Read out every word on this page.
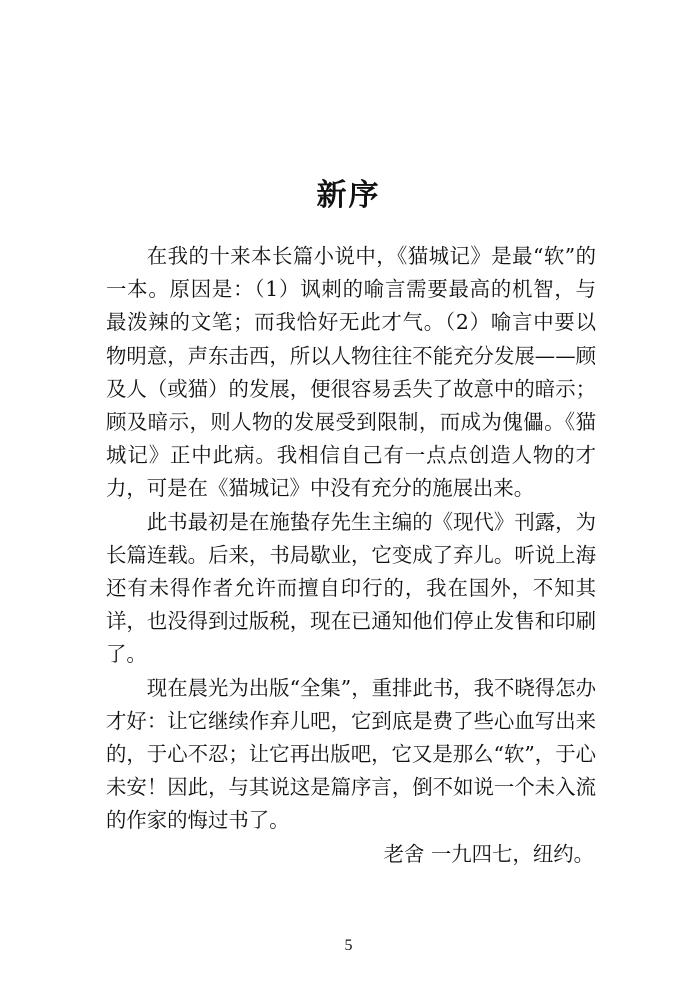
新序

在我的十来本长篇小说中，《猫城记》是最“软”的一本。原因是：（1）讽刺的喻言需要最高的机智，与最泼辣的文笔；而我恰好无此才气。（2）喻言中要以物明意，声东击西，所以人物往往不能充分发展——顾及人（或猫）的发展，便很容易丢失了故意中的暗示；顾及暗示，则人物的发展受到限制，而成为傀儡。《猫城记》正中此病。我相信自己有一点点创造人物的才力，可是在《猫城记》中没有充分的施展出来。

此书最初是在施蛰存先生主编的《现代》刊露，为长篇连载。后来，书局歇业，它变成了弃儿。听说上海还有未得作者允许而擅自印行的，我在国外，不知其详，也没得到过版税，现在已通知他们停止发售和印刷了。

现在晨光为出版“全集”，重排此书，我不晓得怎办才好：让它继续作弃儿吧，它到底是费了些心血写出来的，于心不忍；让它再出版吧，它又是那么“软”，于心未安！因此，与其说这是篇序言，倒不如说一个未入流的作家的悔过书了。

老舍 一九四七，纽约。

5
